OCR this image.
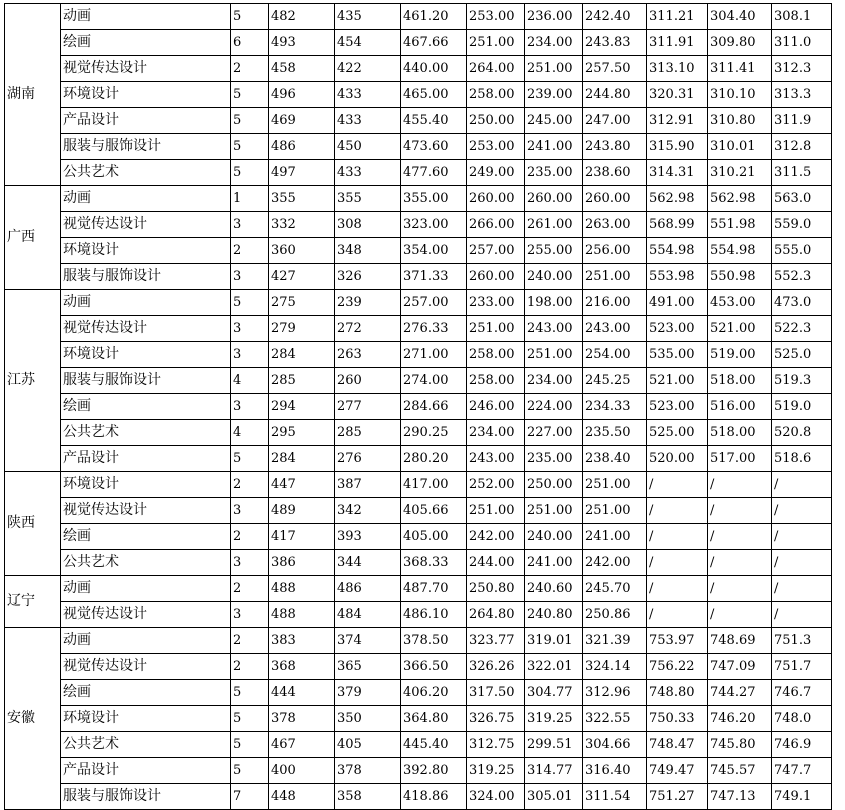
湖南	动画	5	482	435	461.20	253.00	236.00	242.40	311.21	304.40	308.1
	绘画	6	493	454	467.66	251.00	234.00	243.83	311.91	309.80	311.0
	视觉传达设计	2	458	422	440.00	264.00	251.00	257.50	313.10	311.41	312.3
	环境设计	5	496	433	465.00	258.00	239.00	244.80	320.31	310.10	313.3
	产品设计	5	469	433	455.40	250.00	245.00	247.00	312.91	310.80	311.9
	服装与服饰设计	5	486	450	473.60	253.00	241.00	243.80	315.90	310.01	312.8
	公共艺术	5	497	433	477.60	249.00	235.00	238.60	314.31	310.21	311.5
广西	动画	1	355	355	355.00	260.00	260.00	260.00	562.98	562.98	563.0
	视觉传达设计	3	332	308	323.00	266.00	261.00	263.00	568.99	551.98	559.0
	环境设计	2	360	348	354.00	257.00	255.00	256.00	554.98	554.98	555.0
	服装与服饰设计	3	427	326	371.33	260.00	240.00	251.00	553.98	550.98	552.3
江苏	动画	5	275	239	257.00	233.00	198.00	216.00	491.00	453.00	473.0
	视觉传达设计	3	279	272	276.33	251.00	243.00	243.00	523.00	521.00	522.3
	环境设计	3	284	263	271.00	258.00	251.00	254.00	535.00	519.00	525.0
	服装与服饰设计	4	285	260	274.00	258.00	234.00	245.25	521.00	518.00	519.3
	绘画	3	294	277	284.66	246.00	224.00	234.33	523.00	516.00	519.0
	公共艺术	4	295	285	290.25	234.00	227.00	235.50	525.00	518.00	520.8
	产品设计	5	284	276	280.20	243.00	235.00	238.40	520.00	517.00	518.6
陕西	环境设计	2	447	387	417.00	252.00	250.00	251.00	/	/	/
	视觉传达设计	3	489	342	405.66	251.00	251.00	251.00	/	/	/
	绘画	2	417	393	405.00	242.00	240.00	241.00	/	/	/
	公共艺术	3	386	344	368.33	244.00	241.00	242.00	/	/	/
辽宁	动画	2	488	486	487.70	250.80	240.60	245.70	/	/	/
	视觉传达设计	3	488	484	486.10	264.80	240.80	250.86	/	/	/
安徽	动画	2	383	374	378.50	323.77	319.01	321.39	753.97	748.69	751.3
	视觉传达设计	2	368	365	366.50	326.26	322.01	324.14	756.22	747.09	751.7
	绘画	5	444	379	406.20	317.50	304.77	312.96	748.80	744.27	746.7
	环境设计	5	378	350	364.80	326.75	319.25	322.55	750.33	746.20	748.0
	公共艺术	5	467	405	445.40	312.75	299.51	304.66	748.47	745.80	746.9
	产品设计	5	400	378	392.80	319.25	314.77	316.40	749.47	745.57	747.7
	服装与服饰设计	7	448	358	418.86	324.00	305.01	311.54	751.27	747.13	749.1
